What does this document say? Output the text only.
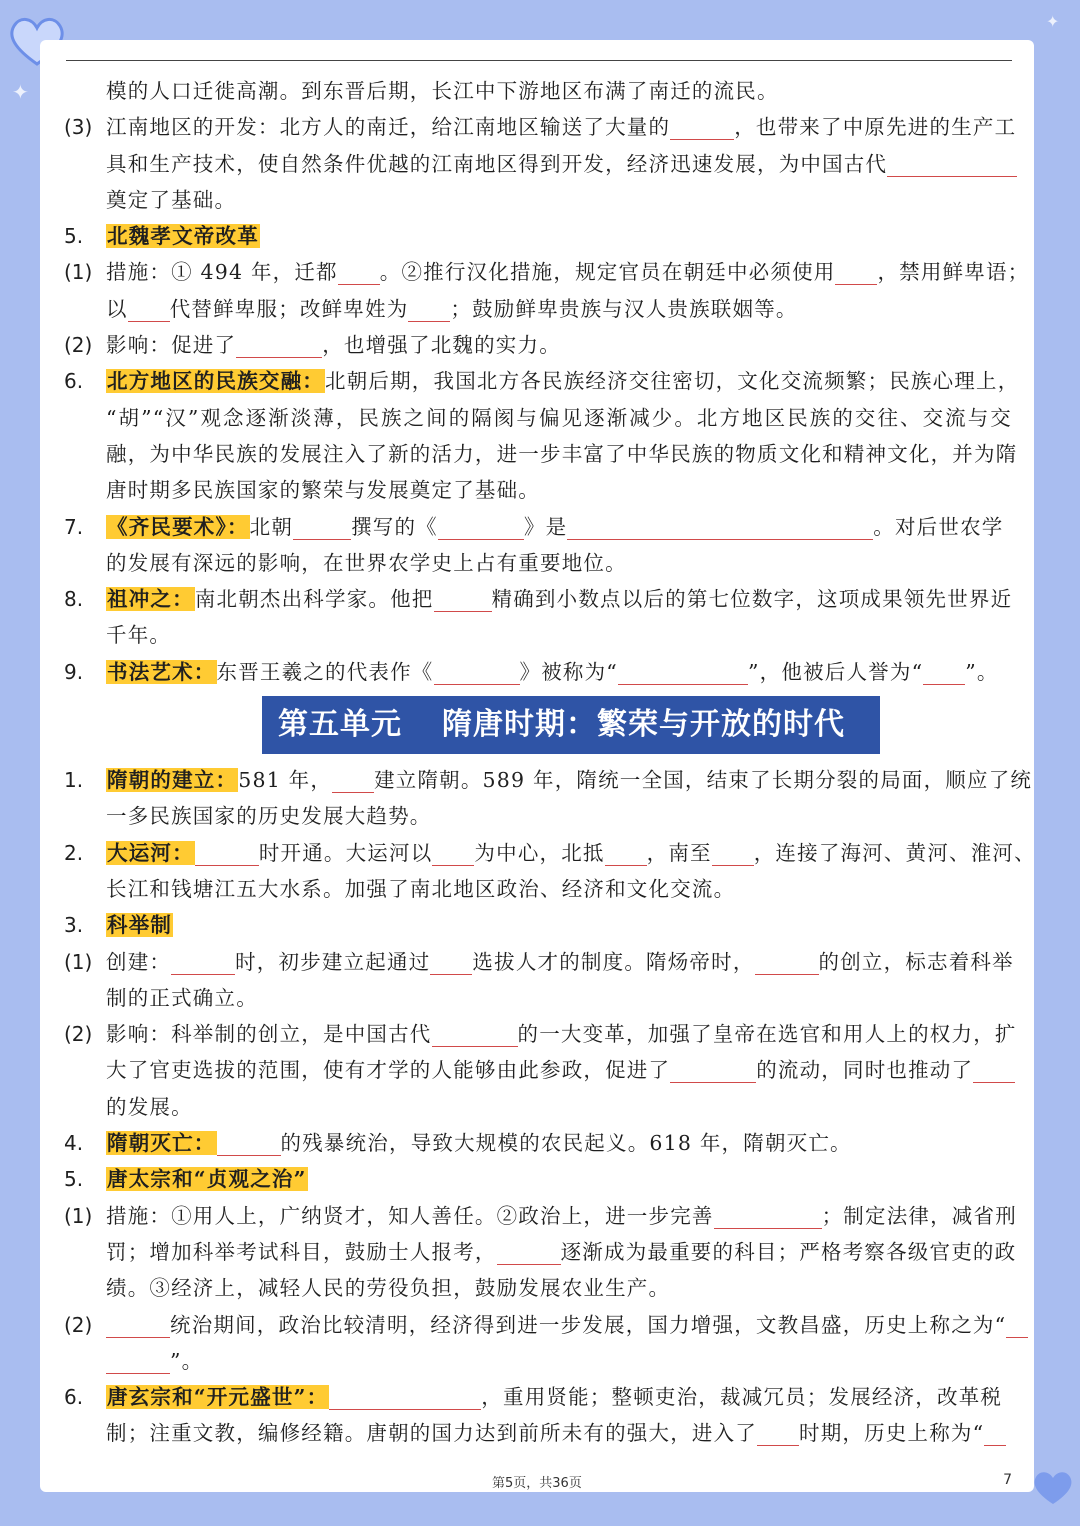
✦
✦
模的人口迁徙高潮。到东晋后期，长江中下游地区布满了南迁的流民。
(3) 江南地区的开发：北方人的南迁，给江南地区输送了大量的	，也带来了中原先进的生产工
具和生产技术，使自然条件优越的江南地区得到开发，经济迅速发展，为中国古代
奠定了基础。
5. 北魏孝文帝改革
(1) 措施：① 494 年，迁都 。②推行汉化措施，规定官员在朝廷中必须使用 ，禁用鲜卑语；
以 代替鲜卑服；改鲜卑姓为 ；鼓励鲜卑贵族与汉人贵族联姻等。
(2) 影响：促进了	，也增强了北魏的实力。
6. 北方地区的民族交融：北朝后期，我国北方各民族经济交往密切，文化交流频繁；民族心理上，
“胡”“汉”观念逐渐淡薄，民族之间的隔阂与偏见逐渐减少。北方地区民族的交往、交流与交
融，为中华民族的发展注入了新的活力，进一步丰富了中华民族的物质文化和精神文化，并为隋
唐时期多民族国家的繁荣与发展奠定了基础。
7. 《齐民要术》：北朝	撰写的《	》是	。对后世农学
的发展有深远的影响，在世界农学史上占有重要地位。
8. 祖冲之：南北朝杰出科学家。他把	精确到小数点以后的第七位数字，这项成果领先世界近
千年。
9. 书法艺术：东晋王羲之的代表作《	》被称为“	”，他被后人誉为“ ”。
第五单元 隋唐时期：繁荣与开放的时代
1. 隋朝的建立：581 年， 建立隋朝。589 年，隋统一全国，结束了长期分裂的局面，顺应了统
一多民族国家的历史发展大趋势。
2. 大运河：	时开通。大运河以 为中心，北抵 ，南至 ，连接了海河、黄河、淮河、
长江和钱塘江五大水系。加强了南北地区政治、经济和文化交流。
3. 科举制
(1) 创建：	时，初步建立起通过 选拔人才的制度。隋炀帝时，	的创立，标志着科举
制的正式确立。
(2) 影响：科举制的创立，是中国古代	的一大变革，加强了皇帝在选官和用人上的权力，扩
大了官吏选拔的范围，使有才学的人能够由此参政，促进了	的流动，同时也推动了
的发展。
4. 隋朝灭亡：	的残暴统治，导致大规模的农民起义。618 年，隋朝灭亡。
5. 唐太宗和“贞观之治”
(1) 措施：①用人上，广纳贤才，知人善任。②政治上，进一步完善	；制定法律，减省刑
罚；增加科举考试科目，鼓励士人报考，	逐渐成为最重要的科目；严格考察各级官吏的政
绩。③经济上，减轻人民的劳役负担，鼓励发展农业生产。
(2)	统治期间，政治比较清明，经济得到进一步发展，国力增强，文教昌盛，历史上称之为“
”。
6. 唐玄宗和“开元盛世”：	，重用贤能；整顿吏治，裁减冗员；发展经济，改革税
制；注重文教，编修经籍。唐朝的国力达到前所未有的强大，进入了 时期，历史上称为“
第5页，共36页	7
